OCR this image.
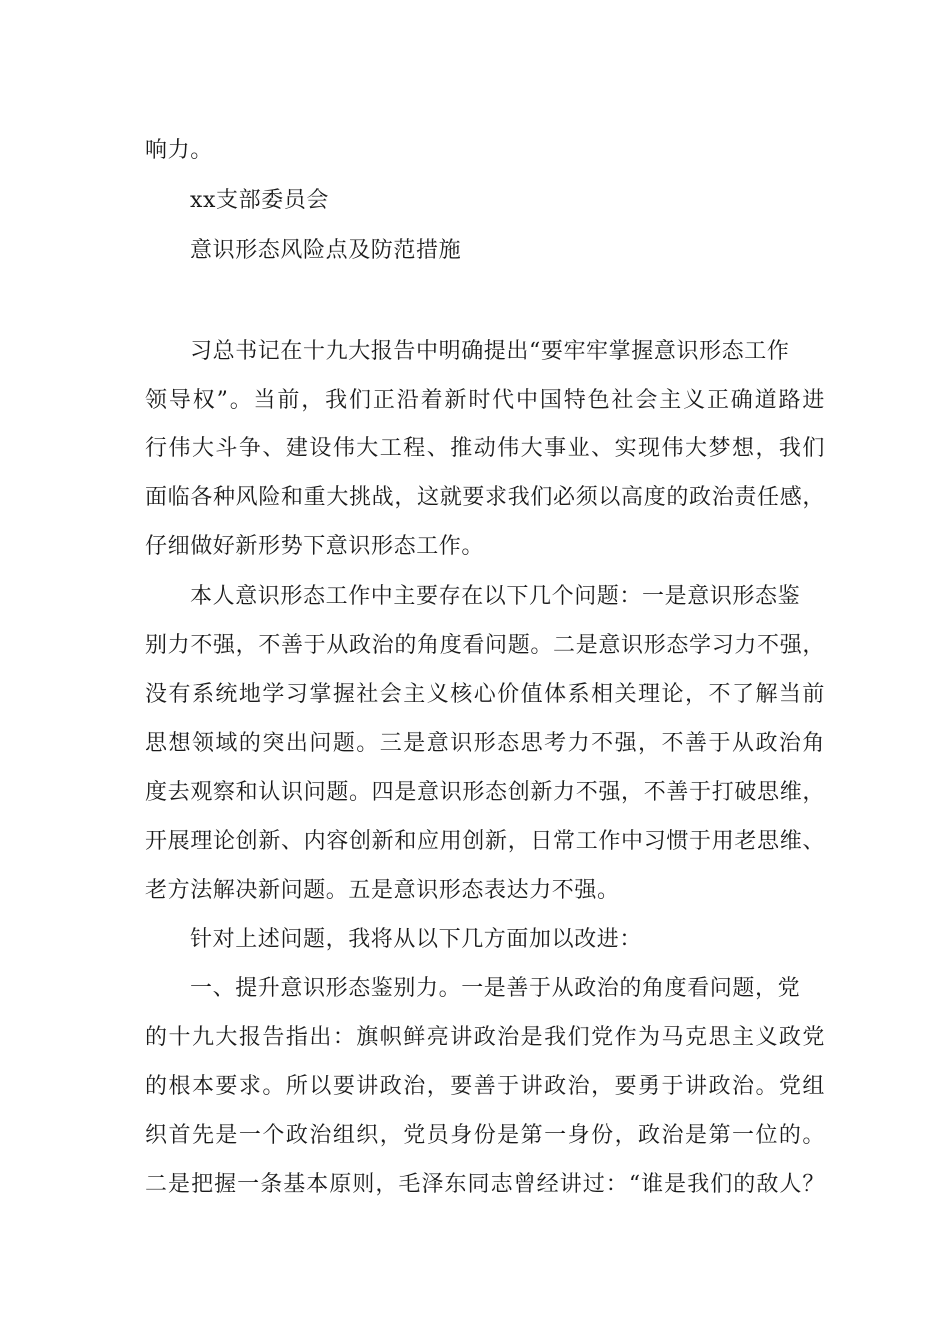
响力。
xx支部委员会
意识形态风险点及防范措施
习总书记在十九大报告中明确提出“要牢牢掌握意识形态工作
领导权”。当前，我们正沿着新时代中国特色社会主义正确道路进
行伟大斗争、建设伟大工程、推动伟大事业、实现伟大梦想，我们
面临各种风险和重大挑战，这就要求我们必须以高度的政治责任感，
仔细做好新形势下意识形态工作。
本人意识形态工作中主要存在以下几个问题：一是意识形态鉴
别力不强，不善于从政治的角度看问题。二是意识形态学习力不强，
没有系统地学习掌握社会主义核心价值体系相关理论，不了解当前
思想领域的突出问题。三是意识形态思考力不强，不善于从政治角
度去观察和认识问题。四是意识形态创新力不强，不善于打破思维，
开展理论创新、内容创新和应用创新，日常工作中习惯于用老思维、
老方法解决新问题。五是意识形态表达力不强。
针对上述问题，我将从以下几方面加以改进：
一、提升意识形态鉴别力。一是善于从政治的角度看问题，党
的十九大报告指出：旗帜鲜亮讲政治是我们党作为马克思主义政党
的根本要求。所以要讲政治，要善于讲政治，要勇于讲政治。党组
织首先是一个政治组织，党员身份是第一身份，政治是第一位的。
二是把握一条基本原则，毛泽东同志曾经讲过：“谁是我们的敌人？
